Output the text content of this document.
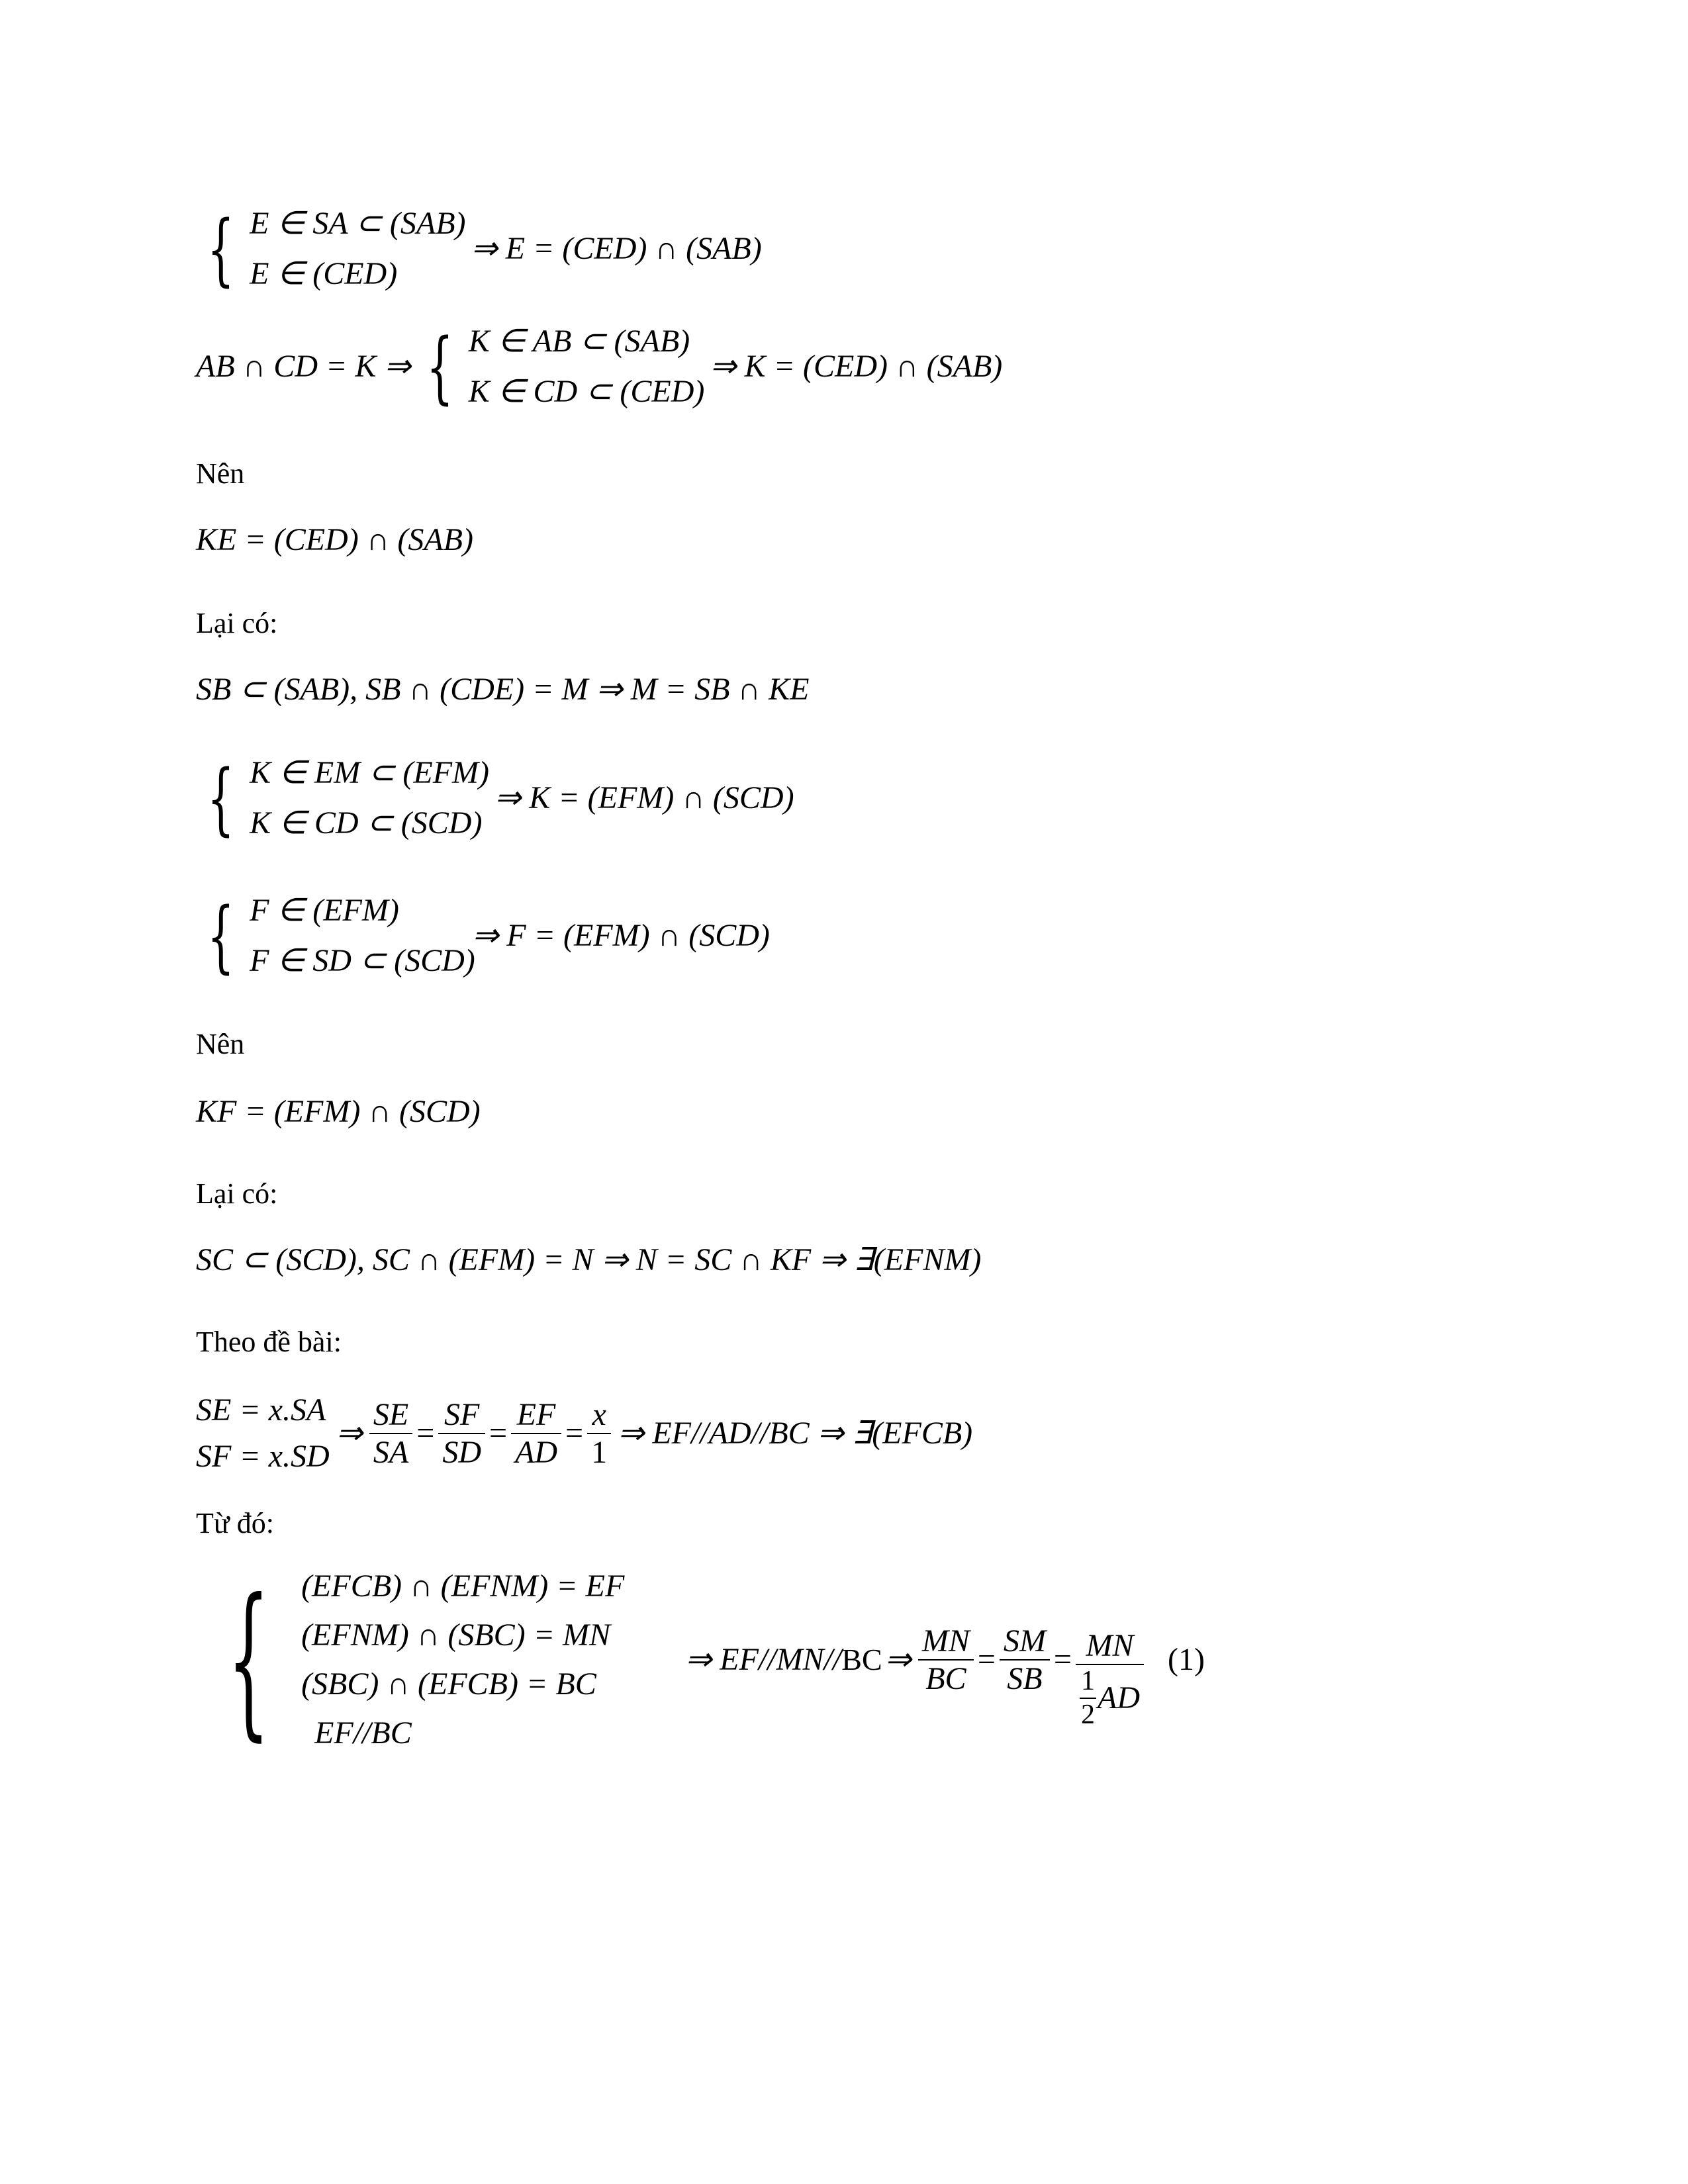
{ E ∈ SA ⊂ (SAB)
E ∈ (CED)
⇒ E = (CED) ∩ (SAB)
AB ∩ CD = K ⇒ { K ∈ AB ⊂ (SAB)
K ∈ CD ⊂ (CED)
⇒ K = (CED) ∩ (SAB)
Nên
KE = (CED) ∩ (SAB)
Lại có:
SB ⊂ (SAB), SB ∩ (CDE) = M ⇒ M = SB ∩ KE
{ K ∈ EM ⊂ (EFM)
K ∈ CD ⊂ (SCD)
⇒ K = (EFM) ∩ (SCD)
{ F ∈ (EFM)
F ∈ SD ⊂ (SCD)
⇒ F = (EFM) ∩ (SCD)
Nên
KF = (EFM) ∩ (SCD)
Lại có:
SC ⊂ (SCD), SC ∩ (EFM) = N ⇒ N = SC ∩ KF ⇒ ∃(EFNM)
Theo đề bài:
SE = x.SA
SF = x.SD
⇒ $\frac{SE}{SA} = \frac{SF}{SD} = \frac{EF}{AD} = \frac{x}{1}$ ⇒ EF//AD//BC ⇒ ∃(EFCB)
Từ đó:
{ (EFCB) ∩ (EFNM) = EF
(EFNM) ∩ (SBC) = MN
(SBC) ∩ (EFCB) = BC
EF//BC
⇒ EF//MN// BC ⇒ $\frac{MN}{BC} = \frac{SM}{SB} = \frac{MN}{\frac{1}{2} AD} (1)$
